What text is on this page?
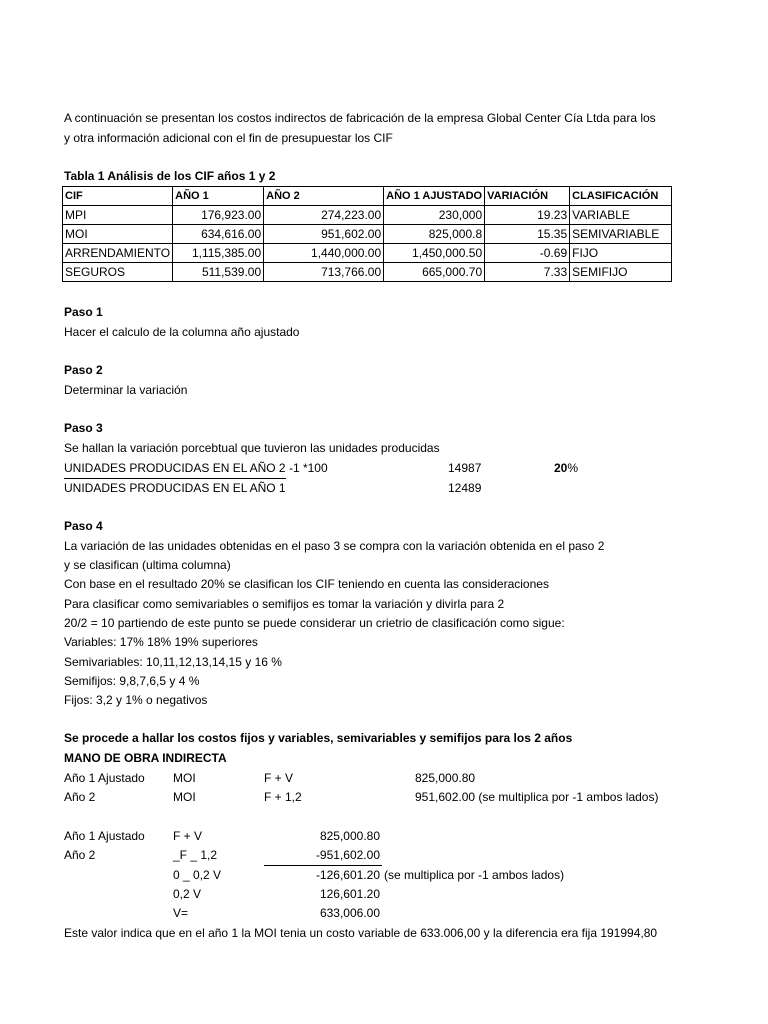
A continuación se presentan los costos indirectos de fabricación de la empresa Global Center Cía Ltda para los
y otra información adicional con el fin de presupuestar los CIF
Tabla 1 Análisis de los CIF años 1 y 2
CIF	AÑO 1	AÑO 2	AÑO 1 AJUSTADO	VARIACIÓN	CLASIFICACIÓN
MPI	176,923.00	274,223.00	230,000	19.23	VARIABLE
MOI	634,616.00	951,602.00	825,000.8	15.35	SEMIVARIABLE
ARRENDAMIENTO	1,115,385.00	1,440,000.00	1,450,000.50	-0.69	FIJO
SEGUROS	511,539.00	713,766.00	665,000.70	7.33	SEMIFIJO
Paso 1
Hacer el calculo de la columna año ajustado
Paso 2
Determinar la variación
Paso 3
Se hallan la variación porcebtual que tuvieron las unidades producidas
UNIDADES PRODUCIDAS EN EL AÑO 2 -1 *100	14987	20%
UNIDADES PRODUCIDAS EN EL AÑO 1	12489
Paso 4
La variación de las unidades obtenidas en el paso 3 se compra con la variación obtenida en el paso 2
y se clasifican (ultima columna)
Con base en el resultado 20% se clasifican los CIF teniendo en cuenta las consideraciones
Para clasificar como semivariables o semifijos es tomar la variación y divirla para 2
20/2 = 10 partiendo de este punto se puede considerar un crietrio de clasificación como sigue:
Variables: 17% 18% 19% superiores
Semivariables: 10,11,12,13,14,15 y 16 %
Semifijos: 9,8,7,6,5 y 4 %
Fijos: 3,2 y 1% o negativos
Se procede a hallar los costos fijos y variables, semivariables y semifijos para los 2 años
MANO DE OBRA INDIRECTA
Año 1 Ajustado MOI	F + V	825,000.80
Año 2	MOI	F + 1,2	951,602.00 (se multiplica por -1 ambos lados)
Año 1 Ajustado F + V	825,000.80
Año 2	_F _ 1,2	-951,602.00
0 _ 0,2 V	-126,601.20 (se multiplica por -1 ambos lados)
0,2 V	126,601.20
V=	633,006.00
Este valor indica que en el año 1 la MOI tenia un costo variable de 633.006,00 y la diferencia era fija 191994,80
